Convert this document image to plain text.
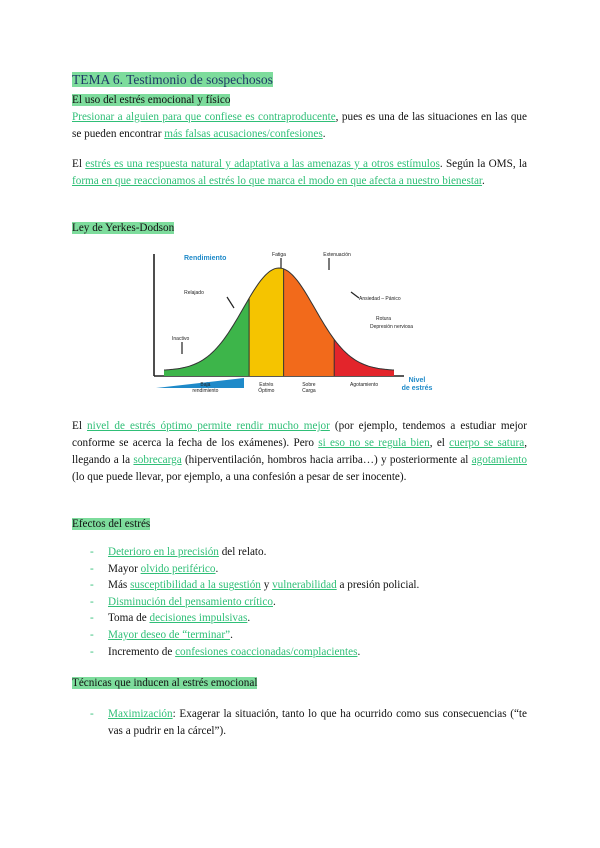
TEMA 6. Testimonio de sospechosos

El uso del estrés emocional y físico

Presionar a alguien para que confiese es contraproducente, pues es una de las situaciones en las que se pueden encontrar más falsas acusaciones/confesiones.

El estrés es una respuesta natural y adaptativa a las amenazas y a otros estímulos. Según la OMS, la forma en que reaccionamos al estrés lo que marca el modo en que afecta a nuestro bienestar.

Ley de Yerkes-Dodson

El nivel de estrés óptimo permite rendir mucho mejor (por ejemplo, tendemos a estudiar mejor conforme se acerca la fecha de los exámenes). Pero si eso no se regula bien, el cuerpo se satura, llegando a la sobrecarga (hiperventilación, hombros hacia arriba…) y posteriormente al agotamiento (lo que puede llevar, por ejemplo, a una confesión a pesar de ser inocente).

Efectos del estrés

- Deterioro en la precisión del relato.
- Mayor olvido periférico.
- Más susceptibilidad a la sugestión y vulnerabilidad a presión policial.
- Disminución del pensamiento crítico.
- Toma de decisiones impulsivas.
- Mayor deseo de “terminar”.
- Incremento de confesiones coaccionadas/complacientes.

Técnicas que inducen al estrés emocional

- Maximización: Exagerar la situación, tanto lo que ha ocurrido como sus consecuencias (“te vas a pudrir en la cárcel”).
Rendimiento
Nivel de estrés
Baja rendimiento
Estrés Óptimo
Sobre Carga
Agotamiento
Fatiga	Extenuación
Relajado
Ansiedad – Pánico
Rotura
Depresión nerviosa
Inactivo
